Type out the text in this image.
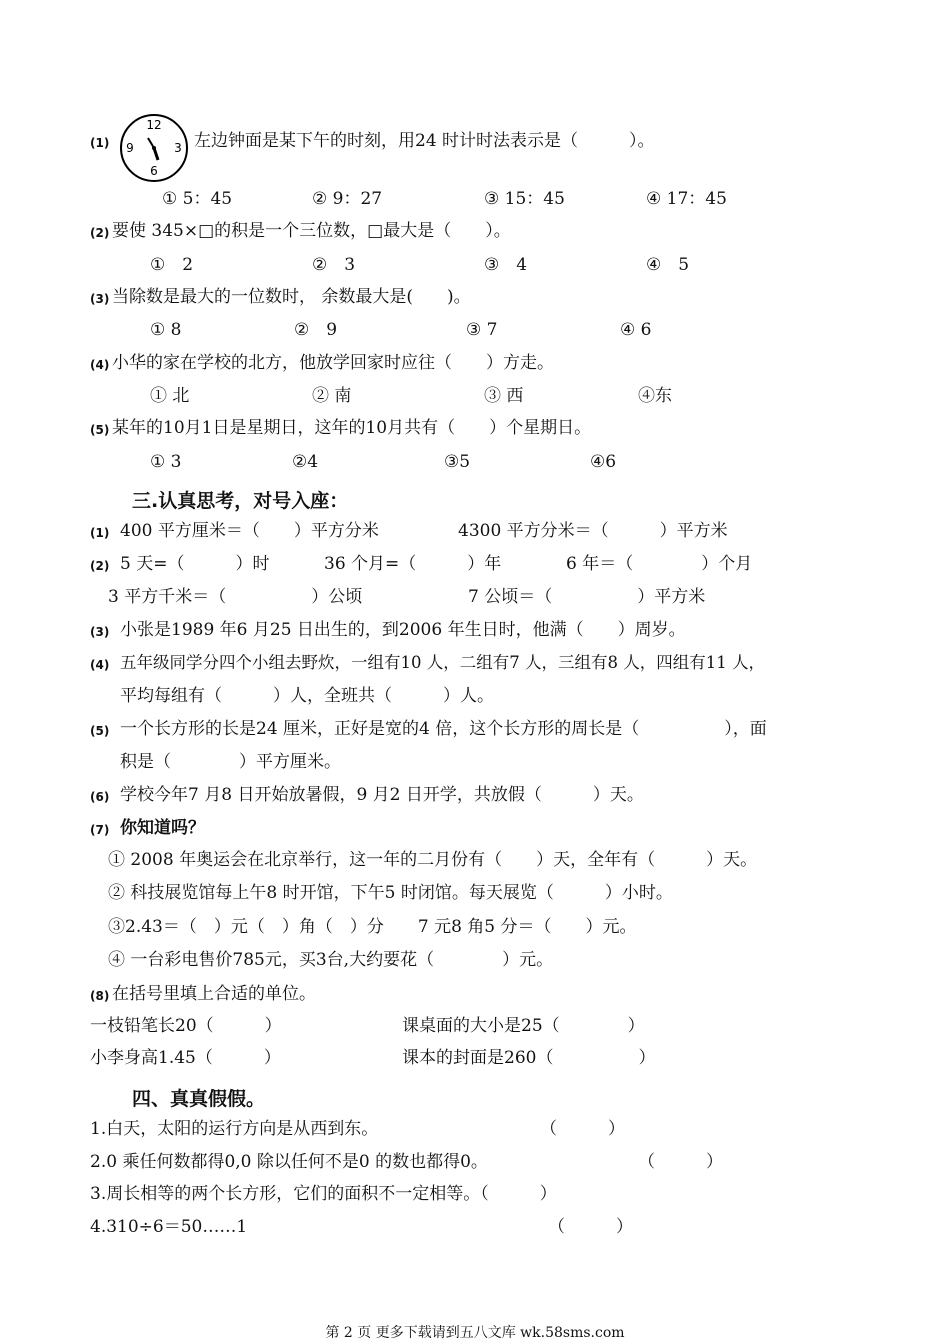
(1)
12
3
6
9	左边钟面是某下午的时刻，用24 时计时法表示是（　　　）。
① 5：45	② 9：27	③ 15：45	④ 17：45
(2) 要使 345×□的积是一个三位数，□最大是（　　）。
①　2	②　3	③　4	④　5
(3) 当除数是最大的一位数时， 余数最大是(　　)。
① 8	②　9	③ 7	④ 6
(4) 小华的家在学校的北方，他放学回家时应往（　　）方走。
① 北	② 南	③ 西	④东
(5) 某年的10月1日是星期日，这年的10月共有（　　）个星期日。
① 3	②4	③5	④6
三.认真思考，对号入座：
(1) 400 平方厘米＝（　　）平方分米	4300 平方分米＝（　　　）平方米
(2) 5 天=（　　　）时	36 个月=（　　　）年	6 年＝（　　　　）个月
3 平方千米＝（　　　　　）公顷	7 公顷＝（　　　　　）平方米
(3) 小张是1989 年6 月25 日出生的，到2006 年生日时，他满（　　）周岁。
(4) 五年级同学分四个小组去野炊，一组有10 人，二组有7 人，三组有8 人，四组有11 人，
平均每组有（　　　）人，全班共（　　　）人。
(5) 一个长方形的长是24 厘米，正好是宽的4 倍，这个长方形的周长是（　　　　　），面
积是（　　　　）平方厘米。
(6) 学校今年7 月8 日开始放暑假，9 月2 日开学，共放假（　　　）天。
(7) 你知道吗？
① 2008 年奥运会在北京举行，这一年的二月份有（　　）天，全年有（　　　）天。
② 科技展览馆每上午8 时开馆，下午5 时闭馆。每天展览（　　　）小时。
③2.43＝（　）元（　）角（　）分　　7 元8 角5 分＝（　　）元。
④ 一台彩电售价785元，买3台,大约要花（　　　　）元。
(8) 在括号里填上合适的单位。
一枝铅笔长20（　　　）	课桌面的大小是25（　　　　）
小李身高1.45（　　　）	课本的封面是260（　　　　　）
四、真真假假。
1.白天，太阳的运行方向是从西到东。	（　　　）
2.0 乘任何数都得0,0 除以任何不是0 的数也都得0。	（　　　）
3.周长相等的两个长方形，它们的面积不一定相等。（　　　）
4.310÷6＝50……1	（　　　）
第 2 页 更多下载请到五八文库 wk.58sms.com
